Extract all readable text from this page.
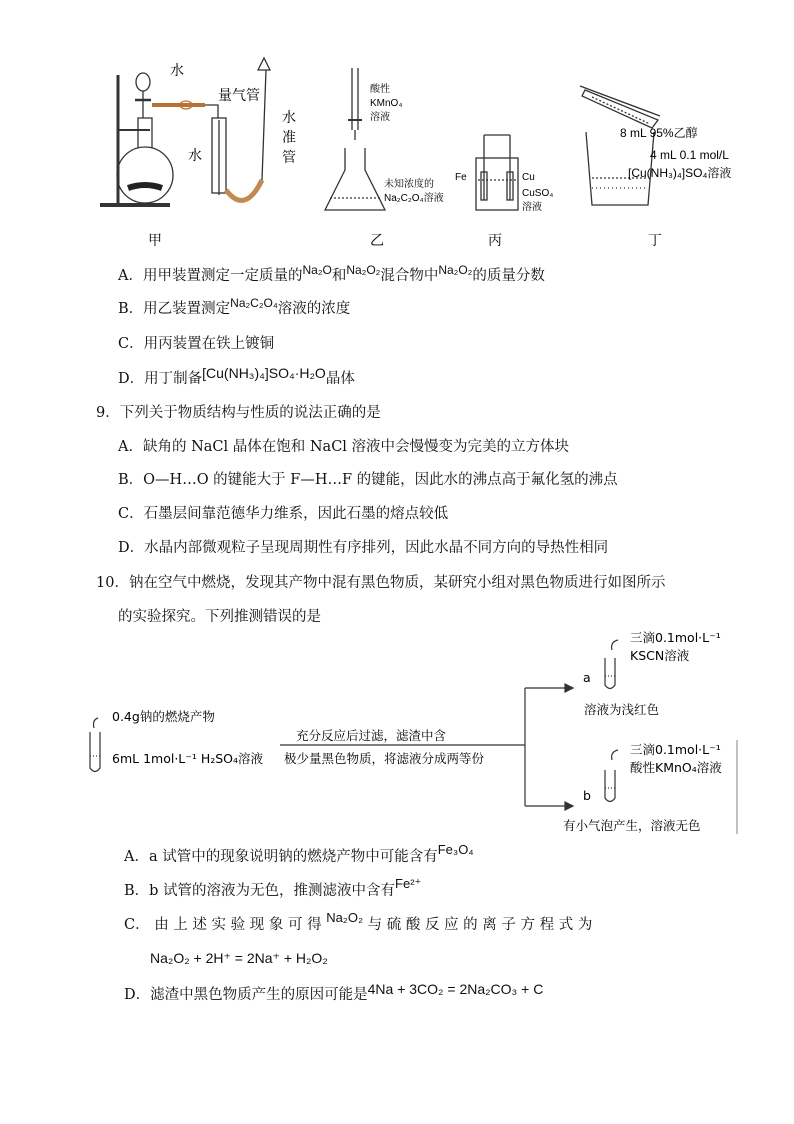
水
量气管
水
水
准
管
甲
酸性
KMnO₄
溶液
未知浓度的
Na₂C₂O₄溶液
乙
Fe	Cu
CuSO₄
溶液
丙
8 mL 95%乙醇
4 mL 0.1 mol/L
[Cu(NH₃)₄]SO₄溶液
丁
A．用甲装置测定一定质量的$^{Na_2O}$和$^{Na_2O_2}$混合物中$^{Na_2O_2}$的质量分数
B．用乙装置测定$^{Na_2C_2O_4}$溶液的浓度
C．用丙装置在铁上镀铜
D．用丁制备[Cu(NH₃)₄]SO₄·H₂O晶体
9．下列关于物质结构与性质的说法正确的是
A．缺角的 NaCl 晶体在饱和 NaCl 溶液中会慢慢变为完美的立方体块
B．O—H…O 的键能大于 F—H…F 的键能，因此水的沸点高于氟化氢的沸点
C．石墨层间靠范德华力维系，因此石墨的熔点较低
D．水晶内部微观粒子呈现周期性有序排列，因此水晶不同方向的导热性相同
10．钠在空气中燃烧，发现其产物中混有黑色物质，某研究小组对黑色物质进行如图所示
的实验探究。下列推测错误的是
0.4g钠的燃烧产物
6mL 1mol·L⁻¹ H₂SO₄溶液
充分反应后过滤，滤渣中含
极少量黑色物质，将滤液分成两等份
a
b
三滴0.1mol·L⁻¹
KSCN溶液
溶液为浅红色
三滴0.1mol·L⁻¹
酸性KMnO₄溶液
有小气泡产生，溶液无色
A．a 试管中的现象说明钠的燃烧产物中可能含有Fe₃O₄
B．b 试管的溶液为无色，推测滤液中含有Fe²⁺
C． 由 上 述 实 验 现 象 可 得 Na₂O₂ 与 硫 酸 反 应 的 离 子 方 程 式 为
Na₂O₂ + 2H⁺ = 2Na⁺ + H₂O₂
D．滤渣中黑色物质产生的原因可能是4Na + 3CO₂ = 2Na₂CO₃ + C
